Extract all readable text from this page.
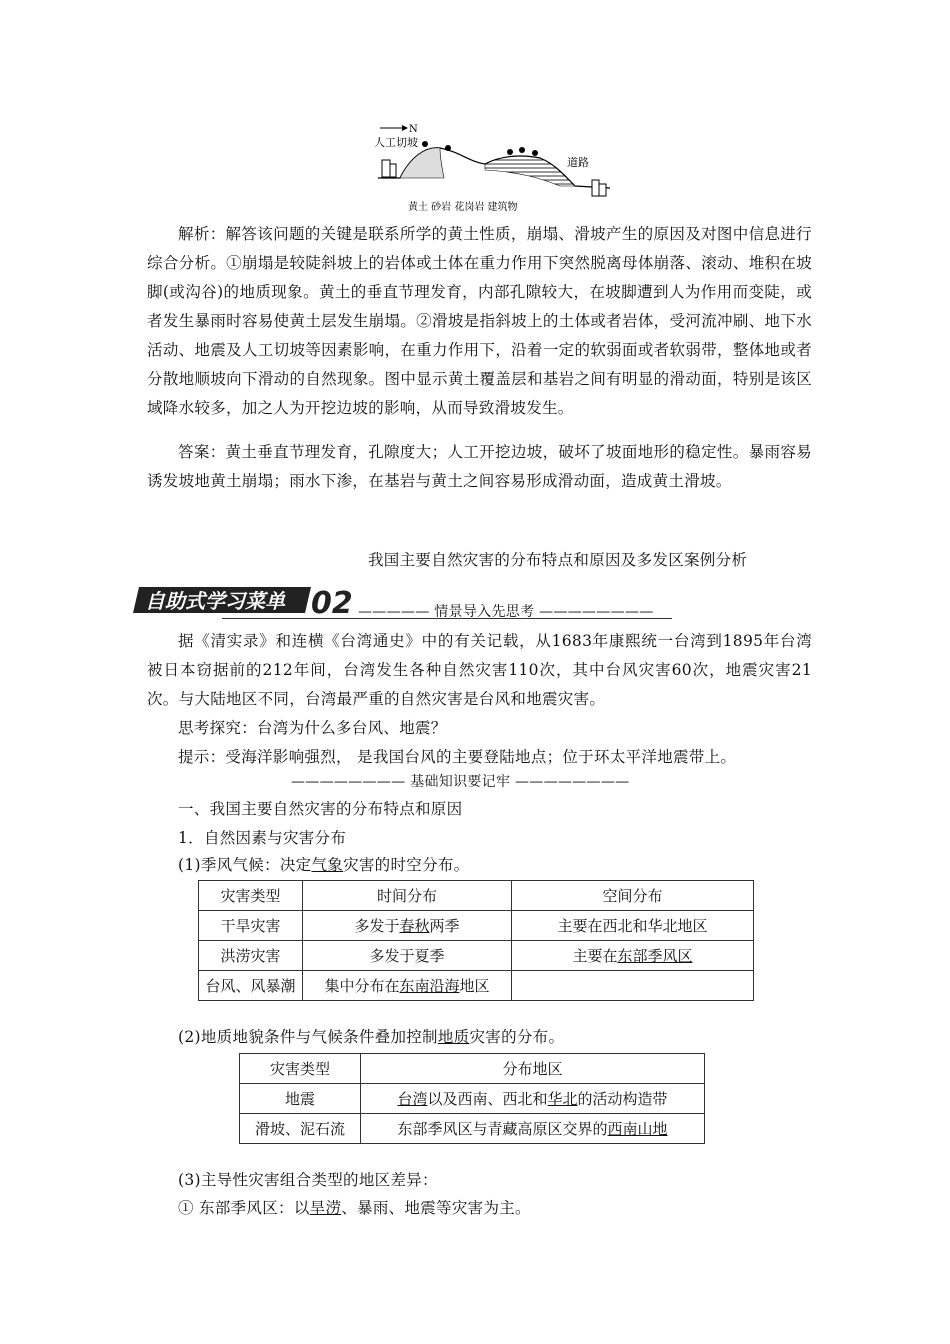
N
人工切坡
道路
黄土 砂岩 花岗岩 建筑物
解析：解答该问题的关键是联系所学的黄土性质，崩塌、滑坡产生的原因及对图中信息进行综合分析。①崩塌是较陡斜坡上的岩体或土体在重力作用下突然脱离母体崩落、滚动、堆积在坡脚(或沟谷)的地质现象。黄土的垂直节理发育，内部孔隙较大，在坡脚遭到人为作用而变陡，或者发生暴雨时容易使黄土层发生崩塌。②滑坡是指斜坡上的土体或者岩体，受河流冲刷、地下水活动、地震及人工切坡等因素影响，在重力作用下，沿着一定的软弱面或者软弱带，整体地或者分散地顺坡向下滑动的自然现象。图中显示黄土覆盖层和基岩之间有明显的滑动面，特别是该区域降水较多，加之人为开挖边坡的影响，从而导致滑坡发生。
答案：黄土垂直节理发育，孔隙度大；人工开挖边坡，破坏了坡面地形的稳定性。暴雨容易诱发坡地黄土崩塌；雨水下渗，在基岩与黄土之间容易形成滑动面，造成黄土滑坡。
我国主要自然灾害的分布特点和原因及多发区案例分析
自助式学习菜单 02 ————— 情景导入先思考 ————————
据《清实录》和连横《台湾通史》中的有关记载，从1683年康熙统一台湾到1895年台湾被日本窃据前的212年间，台湾发生各种自然灾害110次，其中台风灾害60次，地震灾害21次。与大陆地区不同，台湾最严重的自然灾害是台风和地震灾害。
思考探究：台湾为什么多台风、地震？
提示：受海洋影响强烈， 是我国台风的主要登陆地点；位于环太平洋地震带上。
———————— 基础知识要记牢 ————————
一、我国主要自然灾害的分布特点和原因
1．自然因素与灾害分布
(1)季风气候：决定气象灾害的时空分布。
灾害类型	时间分布	空间分布
干旱灾害	多发于春秋两季	主要在西北和华北地区
洪涝灾害	多发于夏季	主要在东部季风区
台风、风暴潮	集中分布在东南沿海地区	
(2)地质地貌条件与气候条件叠加控制地质灾害的分布。
灾害类型	分布地区
地震	台湾以及西南、西北和华北的活动构造带
滑坡、泥石流	东部季风区与青藏高原区交界的西南山地
(3)主导性灾害组合类型的地区差异：
① 东部季风区：以旱涝、暴雨、地震等灾害为主。
